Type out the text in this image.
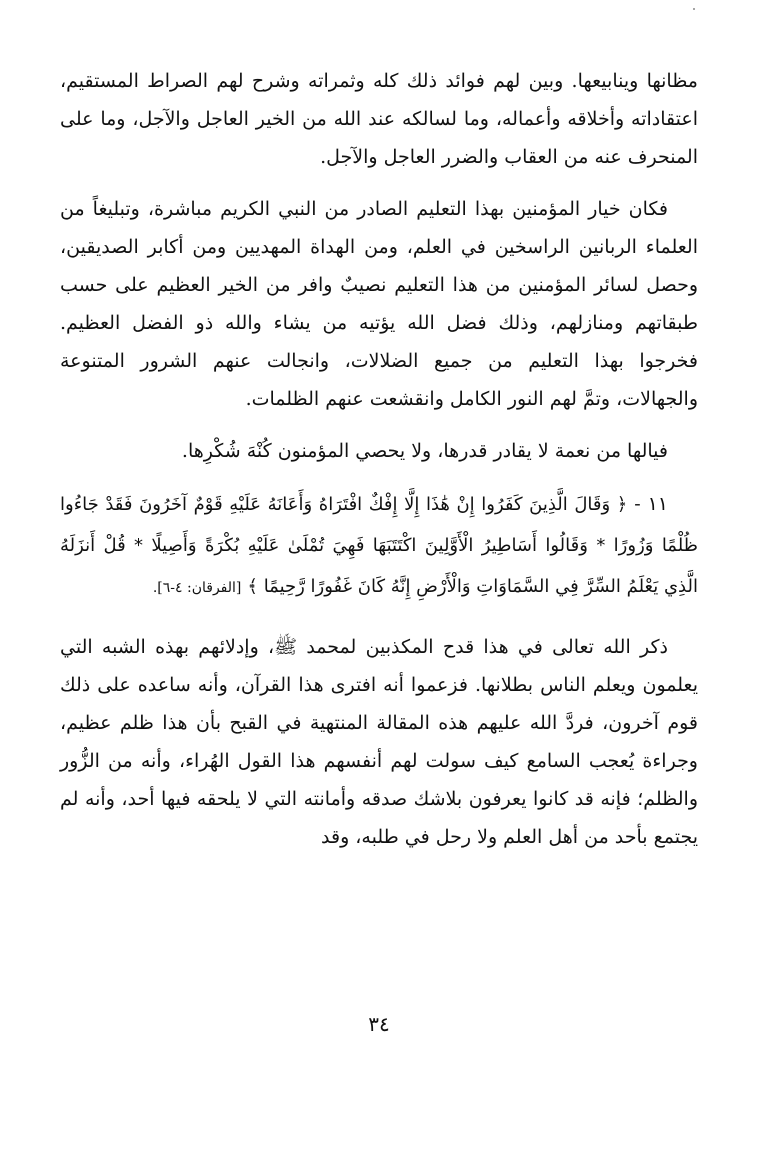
مظانها وينابيعها. وبين لهم فوائد ذلك كله وثمراته وشرح لهم الصراط المستقيم، اعتقاداته وأخلاقه وأعماله، وما لسالكه عند الله من الخير العاجل والآجل، وما على المنحرف عنه من العقاب والضرر العاجل والآجل.

فكان خيار المؤمنين بهذا التعليم الصادر من النبي الكريم مباشرة، وتبليغاً من العلماء الربانين الراسخين في العلم، ومن الهداة المهديين ومن أكابر الصديقين، وحصل لسائر المؤمنين من هذا التعليم نصيبٌ وافر من الخير العظيم على حسب طبقاتهم ومنازلهم، وذلك فضل الله يؤتيه من يشاء والله ذو الفضل العظيم. فخرجوا بهذا التعليم من جميع الضلالات، وانجالت عنهم الشرور المتنوعة والجهالات، وتمَّ لهم النور الكامل وانقشعت عنهم الظلمات.

فيالها من نعمة لا يقادر قدرها، ولا يحصي المؤمنون كُنْهَ شُكْرِها.

١١ - ﴿ وَقَالَ الَّذِينَ كَفَرُوا إِنْ هَٰذَا إِلَّا إِفْكٌ افْتَرَاهُ وَأَعَانَهُ عَلَيْهِ قَوْمٌ آخَرُونَ فَقَدْ جَاءُوا ظُلْمًا وَزُورًا * وَقَالُوا أَسَاطِيرُ الْأَوَّلِينَ اكْتَتَبَهَا فَهِيَ تُمْلَىٰ عَلَيْهِ بُكْرَةً وَأَصِيلًا * قُلْ أَنزَلَهُ الَّذِي يَعْلَمُ السِّرَّ فِي السَّمَاوَاتِ وَالْأَرْضِ إِنَّهُ كَانَ غَفُورًا رَّحِيمًا ﴾ [الفرقان: ٤-٦].

ذكر الله تعالى في هذا قدح المكذبين لمحمد ﷺ، وإدلائهم بهذه الشبه التي يعلمون ويعلم الناس بطلانها. فزعموا أنه افترى هذا القرآن، وأنه ساعده على ذلك قوم آخرون، فردَّ الله عليهم هذه المقالة المنتهية في القبح بأن هذا ظلم عظيم، وجراءة يُعجب السامع كيف سولت لهم أنفسهم هذا القول الهُراء، وأنه من الزُّور والظلم؛ فإنه قد كانوا يعرفون بلاشك صدقه وأمانته التي لا يلحقه فيها أحد، وأنه لم يجتمع بأحد من أهل العلم ولا رحل في طلبه، وقد

٣٤
